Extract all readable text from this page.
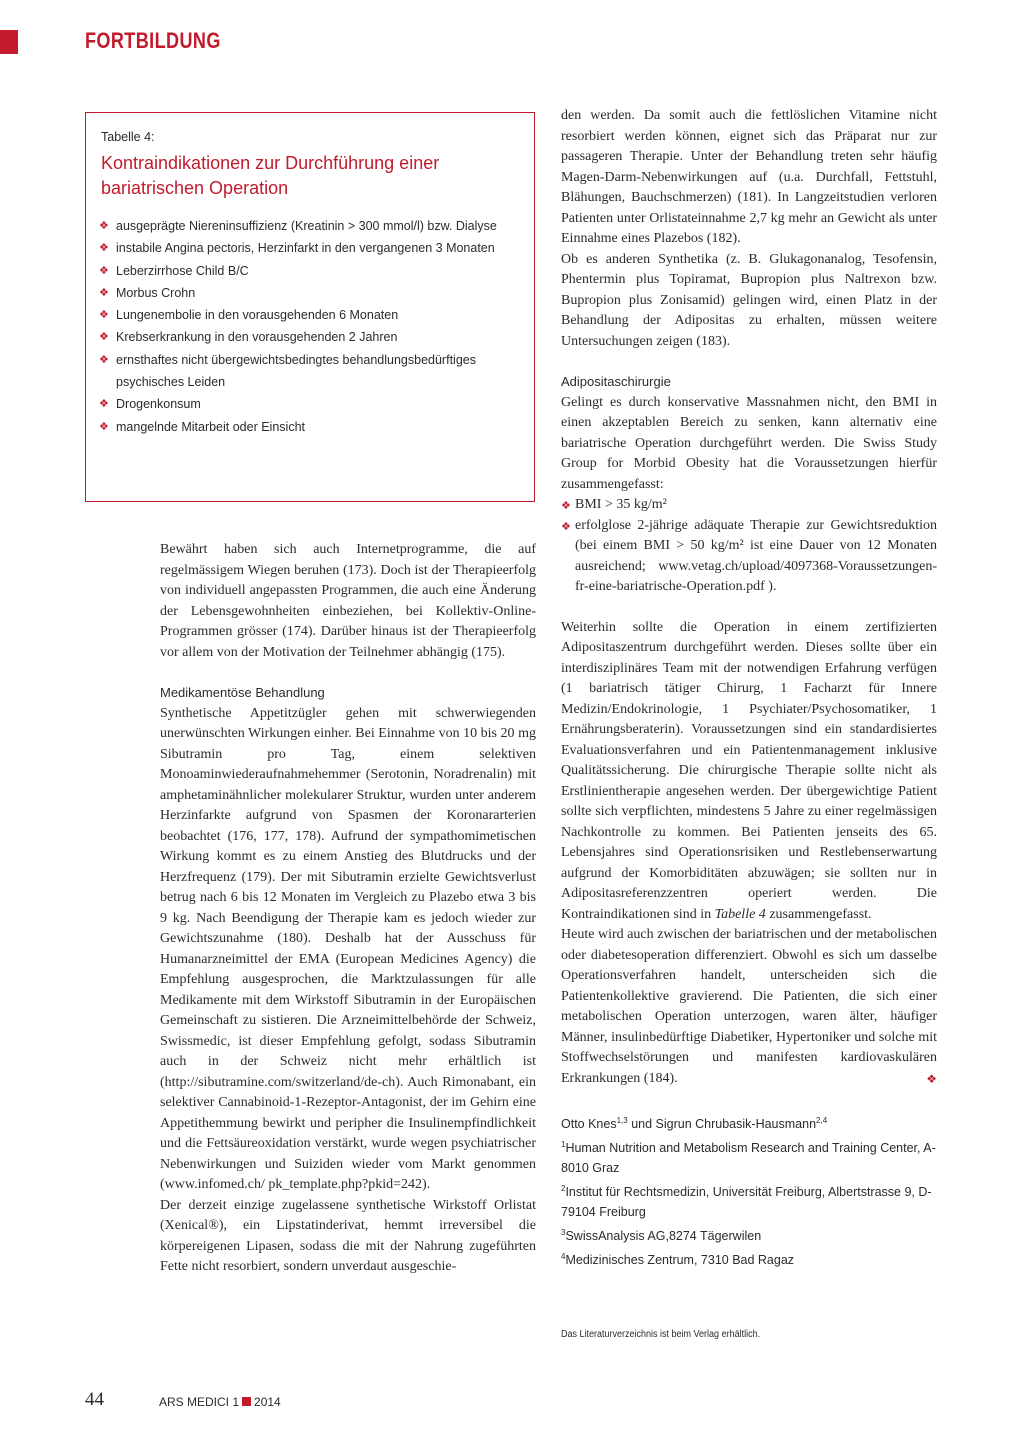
FORTBILDUNG
Tabelle 4:
Kontraindikationen zur Durchführung einer bariatrischen Operation
❖ ausgeprägte Niereninsuffizienz (Kreatinin > 300 mmol/l) bzw. Dialyse
❖ instabile Angina pectoris, Herzinfarkt in den vergangenen 3 Monaten
❖ Leberzirrhose Child B/C
❖ Morbus Crohn
❖ Lungenembolie in den vorausgehenden 6 Monaten
❖ Krebserkrankung in den vorausgehenden 2 Jahren
❖ ernsthaftes nicht übergewichtsbedingtes behandlungsbedürftiges psychisches Leiden
❖ Drogenkonsum
❖ mangelnde Mitarbeit oder Einsicht

Bewährt haben sich auch Internetprogramme, die auf regelmässigem Wiegen beruhen (173). Doch ist der Therapieerfolg von individuell angepassten Programmen, die auch eine Änderung der Lebensgewohnheiten einbeziehen, bei Kollektiv-Online-Programmen grösser (174). Darüber hinaus ist der Therapieerfolg vor allem von der Motivation der Teilnehmer abhängig (175).

Medikamentöse Behandlung

Synthetische Appetitzügler gehen mit schwerwiegenden unerwünschten Wirkungen einher. Bei Einnahme von 10 bis 20 mg Sibutramin pro Tag, einem selektiven Monoaminwiederaufnahmehemmer (Serotonin, Noradrenalin) mit amphetaminähnlicher molekularer Struktur, wurden unter anderem Herzinfarkte aufgrund von Spasmen der Koronararterien beobachtet (176, 177, 178). Aufrund der sympathomimetischen Wirkung kommt es zu einem Anstieg des Blutdrucks und der Herzfrequenz (179). Der mit Sibutramin erzielte Gewichtsverlust betrug nach 6 bis 12 Monaten im Vergleich zu Plazebo etwa 3 bis 9 kg. Nach Beendigung der Therapie kam es jedoch wieder zur Gewichtszunahme (180). Deshalb hat der Ausschuss für Humanarzneimittel der EMA (European Medicines Agency) die Empfehlung ausgesprochen, die Marktzulassungen für alle Medikamente mit dem Wirkstoff Sibutramin in der Europäischen Gemeinschaft zu sistieren. Die Arzneimittelbehörde der Schweiz, Swissmedic, ist dieser Empfehlung gefolgt, sodass Sibutramin auch in der Schweiz nicht mehr erhältlich ist (http://sibutramine.com/switzerland/de-ch). Auch Rimonabant, ein selektiver Cannabinoid-1-Rezeptor-Antagonist, der im Gehirn eine Appetithemmung bewirkt und peripher die Insulinempfindlichkeit und die Fettsäureoxidation verstärkt, wurde wegen psychiatrischer Nebenwirkungen und Suiziden wieder vom Markt genommen (www.infomed.ch/ pk_template.php?pkid=242).

Der derzeit einzige zugelassene synthetische Wirkstoff Orlistat (Xenical®), ein Lipstatinderivat, hemmt irreversibel die körpereigenen Lipasen, sodass die mit der Nahrung zugeführten Fette nicht resorbiert, sondern unverdaut ausgeschie-

den werden. Da somit auch die fettlöslichen Vitamine nicht resorbiert werden können, eignet sich das Präparat nur zur passageren Therapie. Unter der Behandlung treten sehr häufig Magen-Darm-Nebenwirkungen auf (u.a. Durchfall, Fettstuhl, Blähungen, Bauchschmerzen) (181). In Langzeitstudien verloren Patienten unter Orlistateinnahme 2,7 kg mehr an Gewicht als unter Einnahme eines Plazebos (182).

Ob es anderen Synthetika (z. B. Glukagonanalog, Tesofensin, Phentermin plus Topiramat, Bupropion plus Naltrexon bzw. Bupropion plus Zonisamid) gelingen wird, einen Platz in der Behandlung der Adipositas zu erhalten, müssen weitere Untersuchungen zeigen (183).

Adipositaschirurgie

Gelingt es durch konservative Massnahmen nicht, den BMI in einen akzeptablen Bereich zu senken, kann alternativ eine bariatrische Operation durchgeführt werden. Die Swiss Study Group for Morbid Obesity hat die Voraussetzungen hierfür zusammengefasst:

❖ BMI > 35 kg/m²
❖ erfolglose 2-jährige adäquate Therapie zur Gewichtsreduktion (bei einem BMI > 50 kg/m² ist eine Dauer von 12 Monaten ausreichend; www.vetag.ch/upload/4097368-Voraussetzungen-fr-eine-bariatrische-Operation.pdf ).

Weiterhin sollte die Operation in einem zertifizierten Adipositaszentrum durchgeführt werden. Dieses sollte über ein interdisziplinäres Team mit der notwendigen Erfahrung verfügen (1 bariatrisch tätiger Chirurg, 1 Facharzt für Innere Medizin/Endokrinologie, 1 Psychiater/Psychosomatiker, 1 Ernährungsberaterin). Voraussetzungen sind ein standardisiertes Evaluationsverfahren und ein Patientenmanagement inklusive Qualitätssicherung. Die chirurgische Therapie sollte nicht als Erstlinientherapie angesehen werden. Der übergewichtige Patient sollte sich verpflichten, mindestens 5 Jahre zu einer regelmässigen Nachkontrolle zu kommen. Bei Patienten jenseits des 65. Lebensjahres sind Operationsrisiken und Restlebenserwartung aufgrund der Komorbiditäten abzuwägen; sie sollten nur in Adipositasreferenzzentren operiert werden. Die Kontraindikationen sind in Tabelle 4 zusammengefasst.

Heute wird auch zwischen der bariatrischen und der metabolischen oder diabetesoperation differenziert. Obwohl es sich um dasselbe Operationsverfahren handelt, unterscheiden sich die Patientenkollektive gravierend. Die Patienten, die sich einer metabolischen Operation unterzogen, waren älter, häufiger Männer, insulinbedürftige Diabetiker, Hypertoniker und solche mit Stoffwechselstörungen und manifesten kardiovaskulären Erkrankungen (184).	❖

Otto Knes$^{1,3}$ und Sigrun Chrubasik-Hausmann$^{2,4}$
$^1$Human Nutrition and Metabolism Research and Training Center, A-8010 Graz
$^2$Institut für Rechtsmedizin, Universität Freiburg, Albertstrasse 9, D-79104 Freiburg
$^3$SwissAnalysis AG,8274 Tägerwilen
$^4$Medizinisches Zentrum, 7310 Bad Ragaz
Das Literaturverzeichnis ist beim Verlag erhältlich.
44	ARS MEDICI 1 2014
